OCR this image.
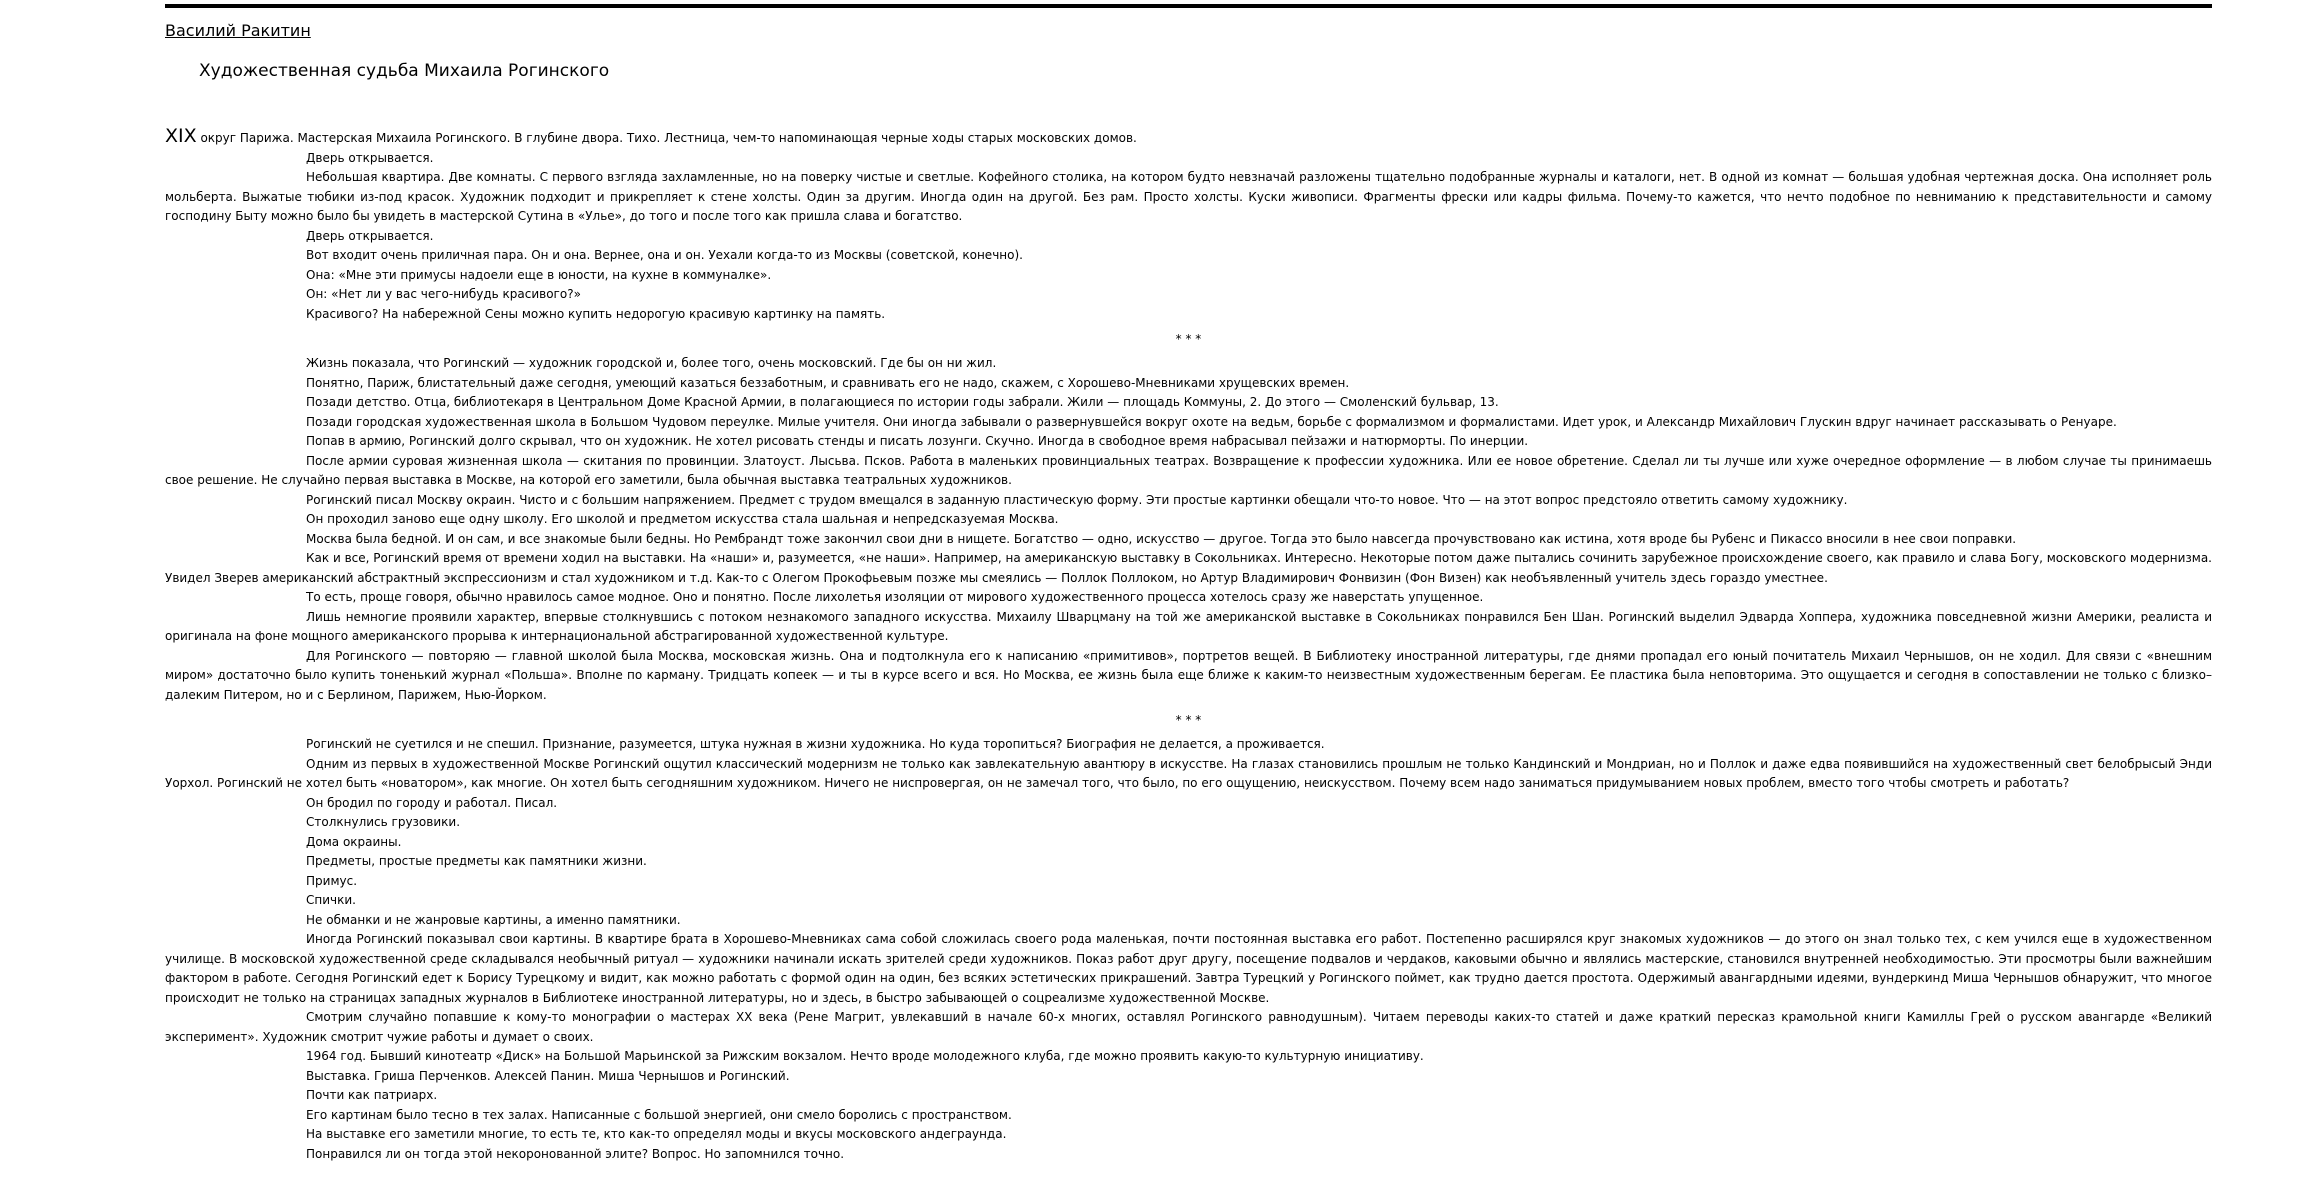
Василий Ракитин
Художественная судьба Михаила Рогинского

XIX округ Парижа. Мастерская Михаила Рогинского. В глубине двора. Тихо. Лестница, чем-то напоминающая черные ходы старых московских домов.

Дверь открывается.

Небольшая квартира. Две комнаты. С первого взгляда захламленные, но на поверку чистые и светлые. Кофейного столика, на котором будто невзначай разложены тщательно подобранные журналы и каталоги, нет. В одной из комнат — большая удобная чертежная доска. Она исполняет роль мольберта. Выжатые тюбики из-под красок. Художник подходит и прикрепляет к стене холсты. Один за другим. Иногда один на другой. Без рам. Просто холсты. Куски живописи. Фрагменты фрески или кадры фильма. Почему-то кажется, что нечто подобное по невниманию к представительности и самому господину Быту можно было бы увидеть в мастерской Сутина в «Улье», до того и после того как пришла слава и богатство.

Дверь открывается.

Вот входит очень приличная пара. Он и она. Вернее, она и он. Уехали когда-то из Москвы (советской, конечно).

Она: «Мне эти примусы надоели еще в юности, на кухне в коммуналке».

Он: «Нет ли у вас чего-нибудь красивого?»

Красивого? На набережной Сены можно купить недорогую красивую картинку на память.

* * *

Жизнь показала, что Рогинский — художник городской и, более того, очень московский. Где бы он ни жил.

Понятно, Париж, блистательный даже сегодня, умеющий казаться беззаботным, и сравнивать его не надо, скажем, с Хорошево-Мневниками хрущевских времен.

Позади детство. Отца, библиотекаря в Центральном Доме Красной Армии, в полагающиеся по истории годы забрали. Жили — площадь Коммуны, 2. До этого — Смоленский бульвар, 13.

Позади городская художественная школа в Большом Чудовом переулке. Милые учителя. Они иногда забывали о развернувшейся вокруг охоте на ведьм, борьбе с формализмом и формалистами. Идет урок, и Александр Михайлович Глускин вдруг начинает рассказывать о Ренуаре.

Попав в армию, Рогинский долго скрывал, что он художник. Не хотел рисовать стенды и писать лозунги. Скучно. Иногда в свободное время набрасывал пейзажи и натюрморты. По инерции.

После армии суровая жизненная школа — скитания по провинции. Златоуст. Лысьва. Псков. Работа в маленьких провинциальных театрах. Возвращение к профессии художника. Или ее новое обретение. Сделал ли ты лучше или хуже очередное оформление — в любом случае ты принимаешь свое решение. Не случайно первая выставка в Москве, на которой его заметили, была обычная выставка театральных художников.

Рогинский писал Москву окраин. Чисто и с большим напряжением. Предмет с трудом вмещался в заданную пластическую форму. Эти простые картинки обещали что-то новое. Что — на этот вопрос предстояло ответить самому художнику.

Он проходил заново еще одну школу. Его школой и предметом искусства стала шальная и непредсказуемая Москва.

Москва была бедной. И он сам, и все знакомые были бедны. Но Рембрандт тоже закончил свои дни в нищете. Богатство — одно, искусство — другое. Тогда это было навсегда прочувствовано как истина, хотя вроде бы Рубенс и Пикассо вносили в нее свои поправки.

Как и все, Рогинский время от времени ходил на выставки. На «наши» и, разумеется, «не наши». Например, на американскую выставку в Сокольниках. Интересно. Некоторые потом даже пытались сочинить зарубежное происхождение своего, как правило и слава Богу, московского модернизма. Увидел Зверев американский абстрактный экспрессионизм и стал художником и т.д. Как-то с Олегом Прокофьевым позже мы смеялись — Поллок Поллоком, но Артур Владимирович Фонвизин (Фон Визен) как необъявленный учитель здесь гораздо уместнее.

То есть, проще говоря, обычно нравилось самое модное. Оно и понятно. После лихолетья изоляции от мирового художественного процесса хотелось сразу же наверстать упущенное.

Лишь немногие проявили характер, впервые столкнувшись с потоком незнакомого западного искусства. Михаилу Шварцману на той же американской выставке в Сокольниках понравился Бен Шан. Рогинский выделил Эдварда Хоппера, художника повседневной жизни Америки, реалиста и оригинала на фоне мощного американского прорыва к интернациональной абстрагированной художественной культуре.

Для Рогинского — повторяю — главной школой была Москва, московская жизнь. Она и подтолкнула его к написанию «примитивов», портретов вещей. В Библиотеку иностранной литературы, где днями пропадал его юный почитатель Михаил Чернышов, он не ходил. Для связи с «внешним миром» достаточно было купить тоненький журнал «Польша». Вполне по карману. Тридцать копеек — и ты в курсе всего и вся. Но Москва, ее жизнь была еще ближе к каким-то неизвестным художественным берегам. Ее пластика была неповторима. Это ощущается и сегодня в сопоставлении не только с близко–далеким Питером, но и с Берлином, Парижем, Нью-Йорком.

* * *

Рогинский не суетился и не спешил. Признание, разумеется, штука нужная в жизни художника. Но куда торопиться? Биография не делается, а проживается.

Одним из первых в художественной Москве Рогинский ощутил классический модернизм не только как завлекательную авантюру в искусстве. На глазах становились прошлым не только Кандинский и Мондриан, но и Поллок и даже едва появившийся на художественный свет белобрысый Энди Уорхол. Рогинский не хотел быть «новатором», как многие. Он хотел быть сегодняшним художником. Ничего не ниспровергая, он не замечал того, что было, по его ощущению, неискусством. Почему всем надо заниматься придумыванием новых проблем, вместо того чтобы смотреть и работать?

Он бродил по городу и работал. Писал.

Столкнулись грузовики.

Дома окраины.

Предметы, простые предметы как памятники жизни.

Примус.

Спички.

Не обманки и не жанровые картины, а именно памятники.

Иногда Рогинский показывал свои картины. В квартире брата в Хорошево-Мневниках сама собой сложилась своего рода маленькая, почти постоянная выставка его работ. Постепенно расширялся круг знакомых художников — до этого он знал только тех, с кем учился еще в художественном училище. В московской художественной среде складывался необычный ритуал — художники начинали искать зрителей среди художников. Показ работ друг другу, посещение подвалов и чердаков, каковыми обычно и являлись мастерские, становился внутренней необходимостью. Эти просмотры были важнейшим фактором в работе. Сегодня Рогинский едет к Борису Турецкому и видит, как можно работать с формой один на один, без всяких эстетических прикрашений. Завтра Турецкий у Рогинского поймет, как трудно дается простота. Одержимый авангардными идеями, вундеркинд Миша Чернышов обнаружит, что многое происходит не только на страницах западных журналов в Библиотеке иностранной литературы, но и здесь, в быстро забывающей о соцреализме художественной Москве.

Смотрим случайно попавшие к кому-то монографии о мастерах XX века (Рене Магрит, увлекавший в начале 60-х многих, оставлял Рогинского равнодушным). Читаем переводы каких-то статей и даже краткий пересказ крамольной книги Камиллы Грей о русском авангарде «Великий эксперимент». Художник смотрит чужие работы и думает о своих.

1964 год. Бывший кинотеатр «Диск» на Большой Марьинской за Рижским вокзалом. Нечто вроде молодежного клуба, где можно проявить какую-то культурную инициативу.

Выставка. Гриша Перченков. Алексей Панин. Миша Чернышов и Рогинский.

Почти как патриарх.

Его картинам было тесно в тех залах. Написанные с большой энергией, они смело боролись с пространством.

На выставке его заметили многие, то есть те, кто как-то определял моды и вкусы московского андеграунда.

Понравился ли он тогда этой некоронованной элите? Вопрос. Но запомнился точно.
